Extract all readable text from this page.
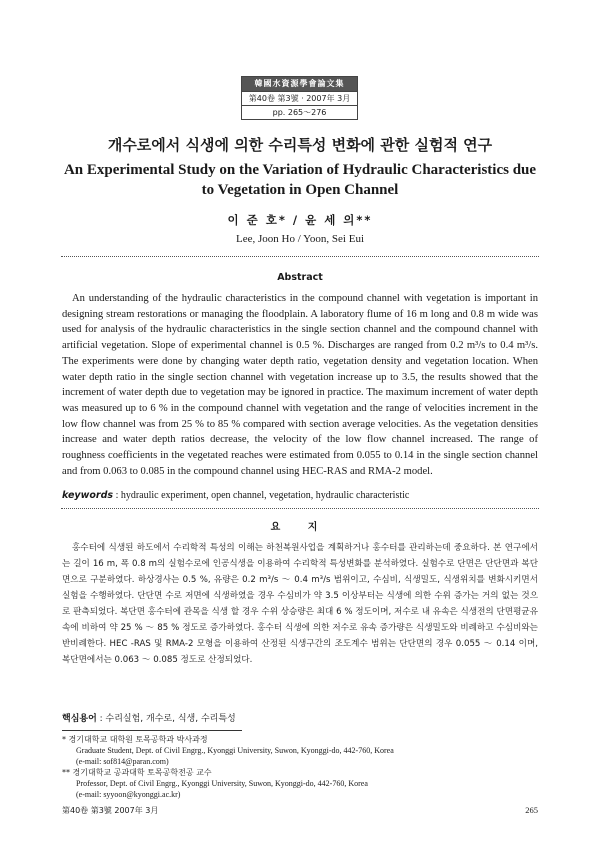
韓國水資源學會論文集
第40卷 第3號 · 2007年 3月
pp. 265～276
개수로에서 식생에 의한 수리특성 변화에 관한 실험적 연구
An Experimental Study on the Variation of Hydraulic Characteristics due to Vegetation in Open Channel
이 준 호* / 윤 세 의**
Lee, Joon Ho / Yoon, Sei Eui
Abstract

An understanding of the hydraulic characteristics in the compound channel with vegetation is important in designing stream restorations or managing the floodplain. A laboratory flume of 16 m long and 0.8 m wide was used for analysis of the hydraulic characteristics in the single section channel and the compound channel with artificial vegetation. Slope of experimental channel is 0.5 %. Discharges are ranged from 0.2 m³/s to 0.4 m³/s. The experiments were done by changing water depth ratio, vegetation density and vegetation location. When water depth ratio in the single section channel with vegetation increase up to 3.5, the results showed that the increment of water depth due to vegetation may be ignored in practice. The maximum increment of water depth was measured up to 6 % in the compound channel with vegetation and the range of velocities increment in the low flow channel was from 25 % to 85 % compared with section average velocities. As the vegetation densities increase and water depth ratios decrease, the velocity of the low flow channel increased. The range of roughness coefficients in the vegetated reaches were estimated from 0.055 to 0.14 in the single section channel and from 0.063 to 0.085 in the compound channel using HEC-RAS and RMA-2 model.

keywords : hydraulic experiment, open channel, vegetation, hydraulic characteristic
요 지

홍수터에 식생된 하도에서 수리학적 특성의 이해는 하천복원사업을 계획하거나 홍수터를 관리하는데 중요하다. 본 연구에서는 길이 16 m, 폭 0.8 m의 실험수로에 인공식생을 이용하여 수리학적 특성변화를 분석하였다. 실험수로 단면은 단단면과 복단면으로 구분하였다. 하상경사는 0.5 %, 유량은 0.2 m³/s ～ 0.4 m³/s 범위이고, 수심비, 식생밀도, 식생위치를 변화시키면서 실험을 수행하였다. 단단면 수로 저면에 식생하였을 경우 수심비가 약 3.5 이상부터는 식생에 의한 수위 증가는 거의 없는 것으로 판측되었다. 복단면 홍수터에 관목을 식생 할 경우 수위 상승량은 최대 6 % 정도이며, 저수로 내 유속은 식생전의 단면평균유속에 비하여 약 25 % ～ 85 % 정도로 증가하였다. 홍수터 식생에 의한 저수로 유속 증가량은 식생밀도와 비례하고 수심비와는 반비례한다. HEC -RAS 및 RMA-2 모형을 이용하여 산정된 식생구간의 조도계수 범위는 단단면의 경우 0.055 ～ 0.14 이며, 복단면에서는 0.063 ～ 0.085 정도로 산정되었다.

핵심용어 : 수리실험, 개수로, 식생, 수리특성
* 경기대학교 대학원 토목공학과 박사과정
Graduate Student, Dept. of Civil Engrg., Kyonggi University, Suwon, Kyonggi-do, 442-760, Korea
(e-mail: sof814@paran.com)
** 경기대학교 공과대학 토목공학전공 교수
Professor, Dept. of Civil Engrg., Kyonggi University, Suwon, Kyonggi-do, 442-760, Korea
(e-mail: syyoon@kyonggi.ac.kr)
第40卷 第3號 2007年 3月	265
